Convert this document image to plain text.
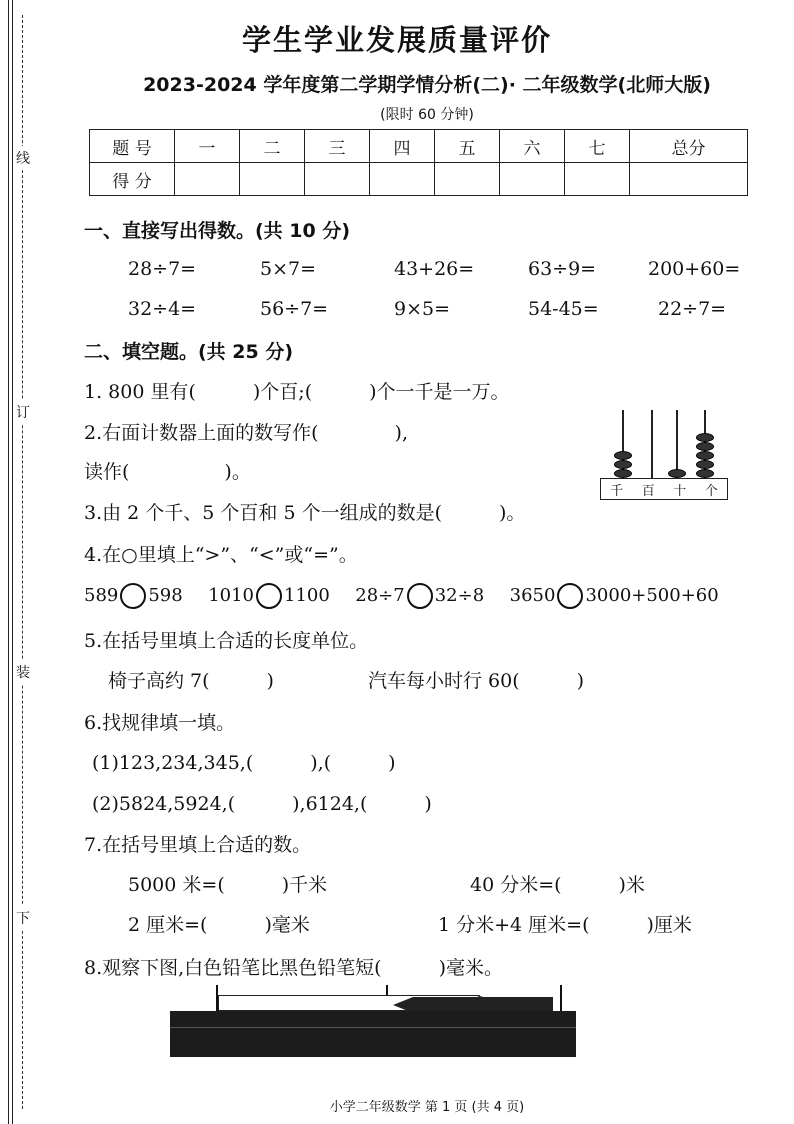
线
订
装
下
学生学业发展质量评价
2023-2024 学年度第二学期学情分析(二)· 二年级数学(北师大版)
(限时 60 分钟)
题 号	一	二	三	四	五	六	七	总分
得 分								
一、直接写出得数。(共 10 分)
28÷7=	5×7=	43+26=	63÷9=	200+60=
32÷4=	56÷7=	9×5=	54-45=	22÷7=
二、填空题。(共 25 分)
1. 800 里有(　　　)个百;(　　　)个一千是一万。
2.右面计数器上面的数写作(　　　　),
读作(　　　　　)。
千 百 十 个
3.由 2 个千、5 个百和 5 个一组成的数是(　　　)。
4.在○里填上“>”、“<”或“=”。
589 598 1010 1100 28÷7 32÷8 3650 3000+500+60
5.在括号里填上合适的长度单位。
椅子高约 7(　　　)	汽车每小时行 60(　　　)
6.找规律填一填。
(1)123,234,345,(　　　),(　　　)
(2)5824,5924,(　　　),6124,(　　　)
7.在括号里填上合适的数。
5000 米=(　　　)千米	40 分米=(　　　)米
2 厘米=(　　　)毫米	1 分米+4 厘米=(　　　)厘米
8.观察下图,白色铅笔比黑色铅笔短(　　　)毫米。
小学二年级数学 第 1 页 (共 4 页)
